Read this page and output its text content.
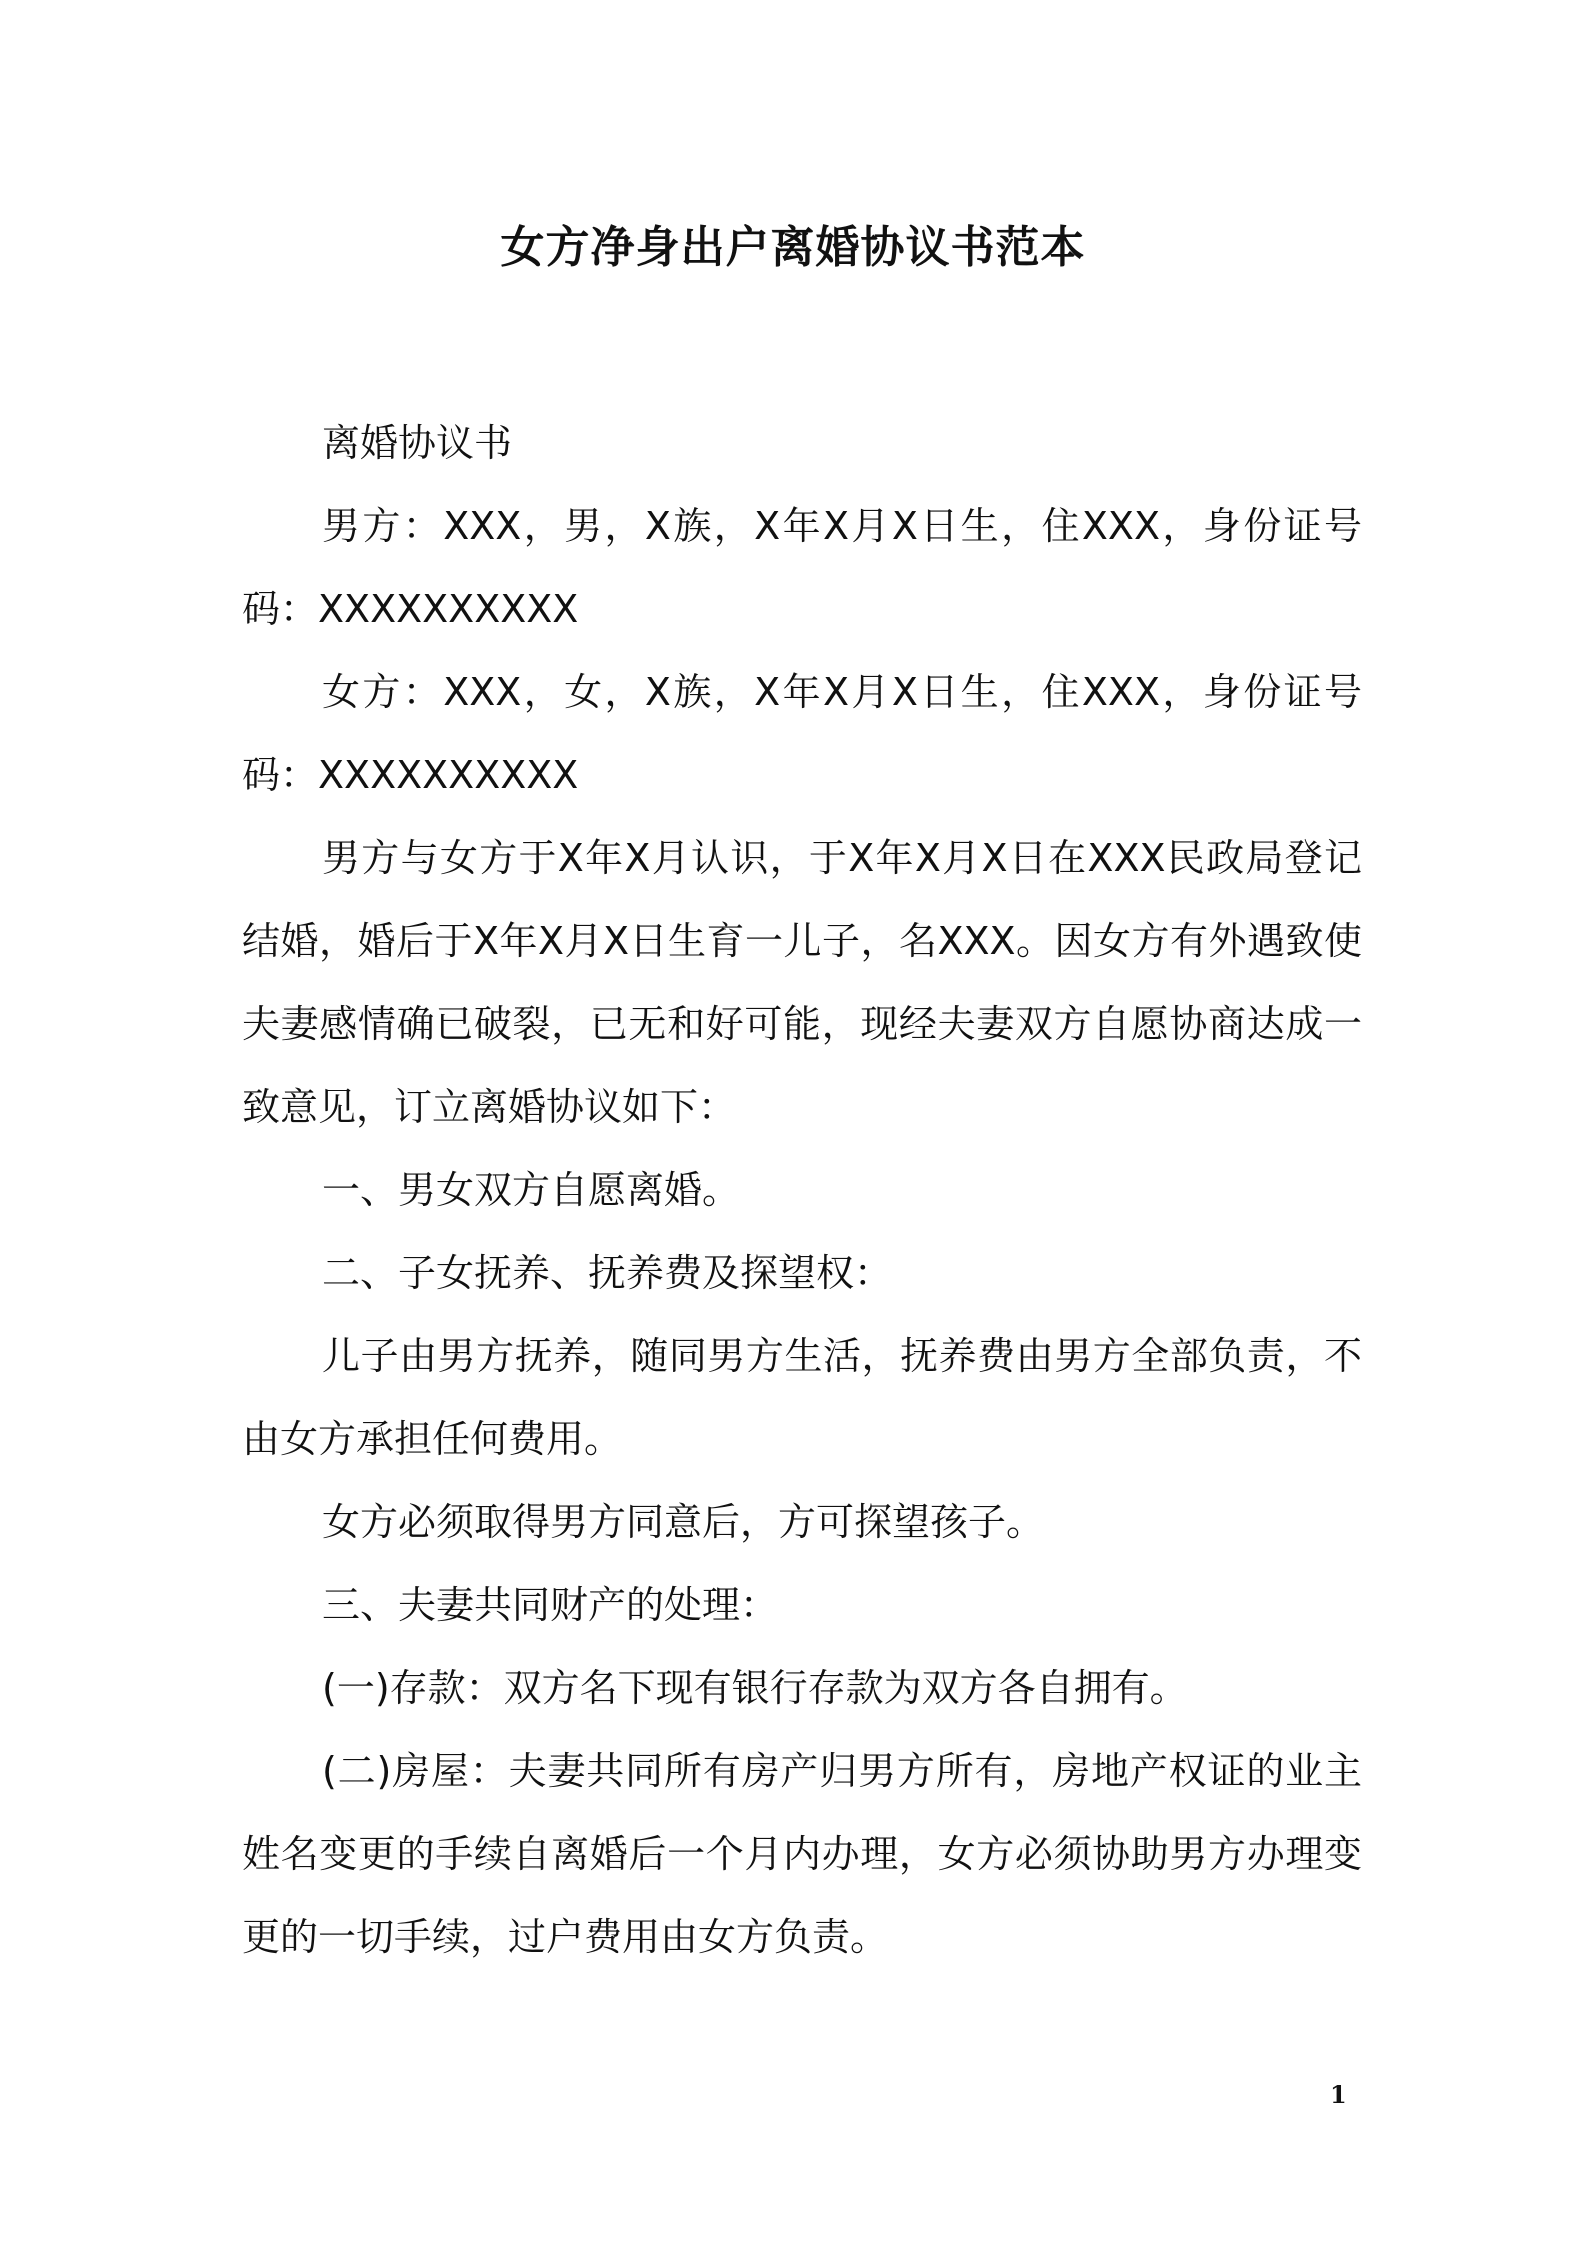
女方净身出户离婚协议书范本

离婚协议书

男方：XXX，男，X族，X年X月X日生，住XXX，身份证号码：XXXXXXXXXX

女方：XXX，女，X族，X年X月X日生，住XXX，身份证号码：XXXXXXXXXX

男方与女方于X年X月认识，于X年X月X日在XXX民政局登记结婚，婚后于X年X月X日生育一儿子，名XXX。因女方有外遇致使夫妻感情确已破裂，已无和好可能，现经夫妻双方自愿协商达成一致意见，订立离婚协议如下：

一、男女双方自愿离婚。

二、子女抚养、抚养费及探望权：

儿子由男方抚养，随同男方生活，抚养费由男方全部负责，不由女方承担任何费用。

女方必须取得男方同意后，方可探望孩子。

三、夫妻共同财产的处理：

(一)存款：双方名下现有银行存款为双方各自拥有。

(二)房屋：夫妻共同所有房产归男方所有，房地产权证的业主姓名变更的手续自离婚后一个月内办理，女方必须协助男方办理变更的一切手续，过户费用由女方负责。

1
